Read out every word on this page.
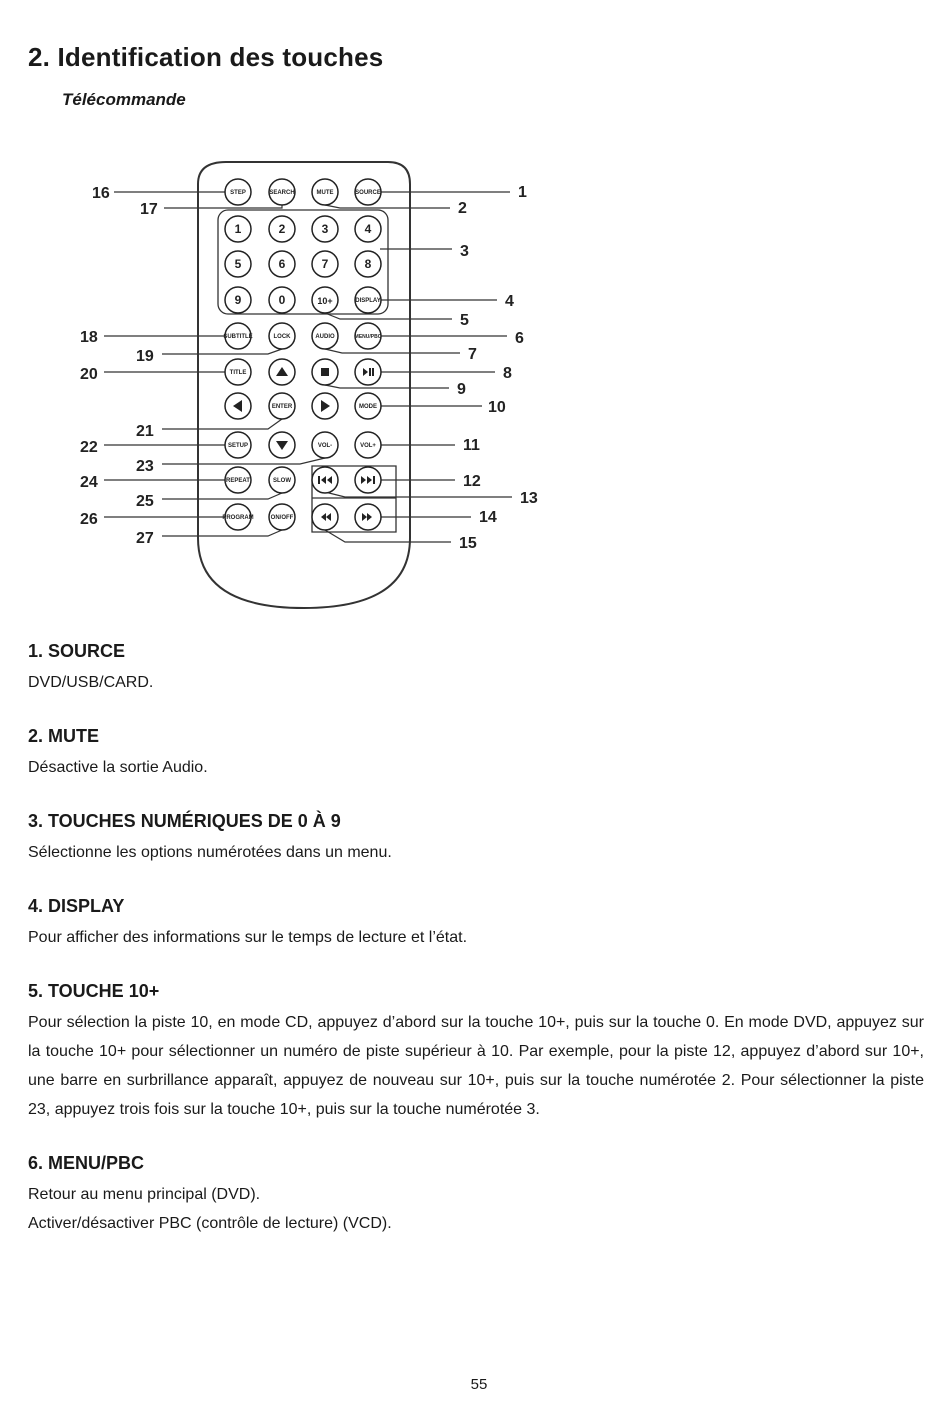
2. Identification des touches
Télécommande
STEP	SEARCH	MUTE	SOURCE
1	2	3	4
5	6	7	8
9	0	10+	DISPLAY
SUBTITLE	LOCK	AUDIO	MENU/PBC
TITLE
ENTER	MODE
SETUP	VOL-	VOL+
REPEAT	SLOW
PROGRAM	ON/OFF
1
2
3
4
5
6
7
8
9
10
11
12
13
14
15
16
17
18
19
20
21
22
23
24
25
26
27
1. SOURCE

DVD/USB/CARD.

2. MUTE

Désactive la sortie Audio.

3. TOUCHES NUMÉRIQUES DE 0 À 9

Sélectionne les options numérotées dans un menu.

4. DISPLAY

Pour afficher des informations sur le temps de lecture et l’état.

5. TOUCHE 10+

Pour sélection la piste 10, en mode CD, appuyez d’abord sur la touche 10+, puis sur la touche 0. En mode DVD, appuyez sur la touche 10+ pour sélectionner un numéro de piste supérieur à 10. Par exemple, pour la piste 12, appuyez d’abord sur 10+, une barre en surbrillance apparaît, appuyez de nouveau sur 10+, puis sur la touche numérotée 2. Pour sélectionner la piste 23, appuyez trois fois sur la touche 10+, puis sur la touche numérotée 3.

6. MENU/PBC

Retour au menu principal (DVD).

Activer/désactiver PBC (contrôle de lecture) (VCD).

55
